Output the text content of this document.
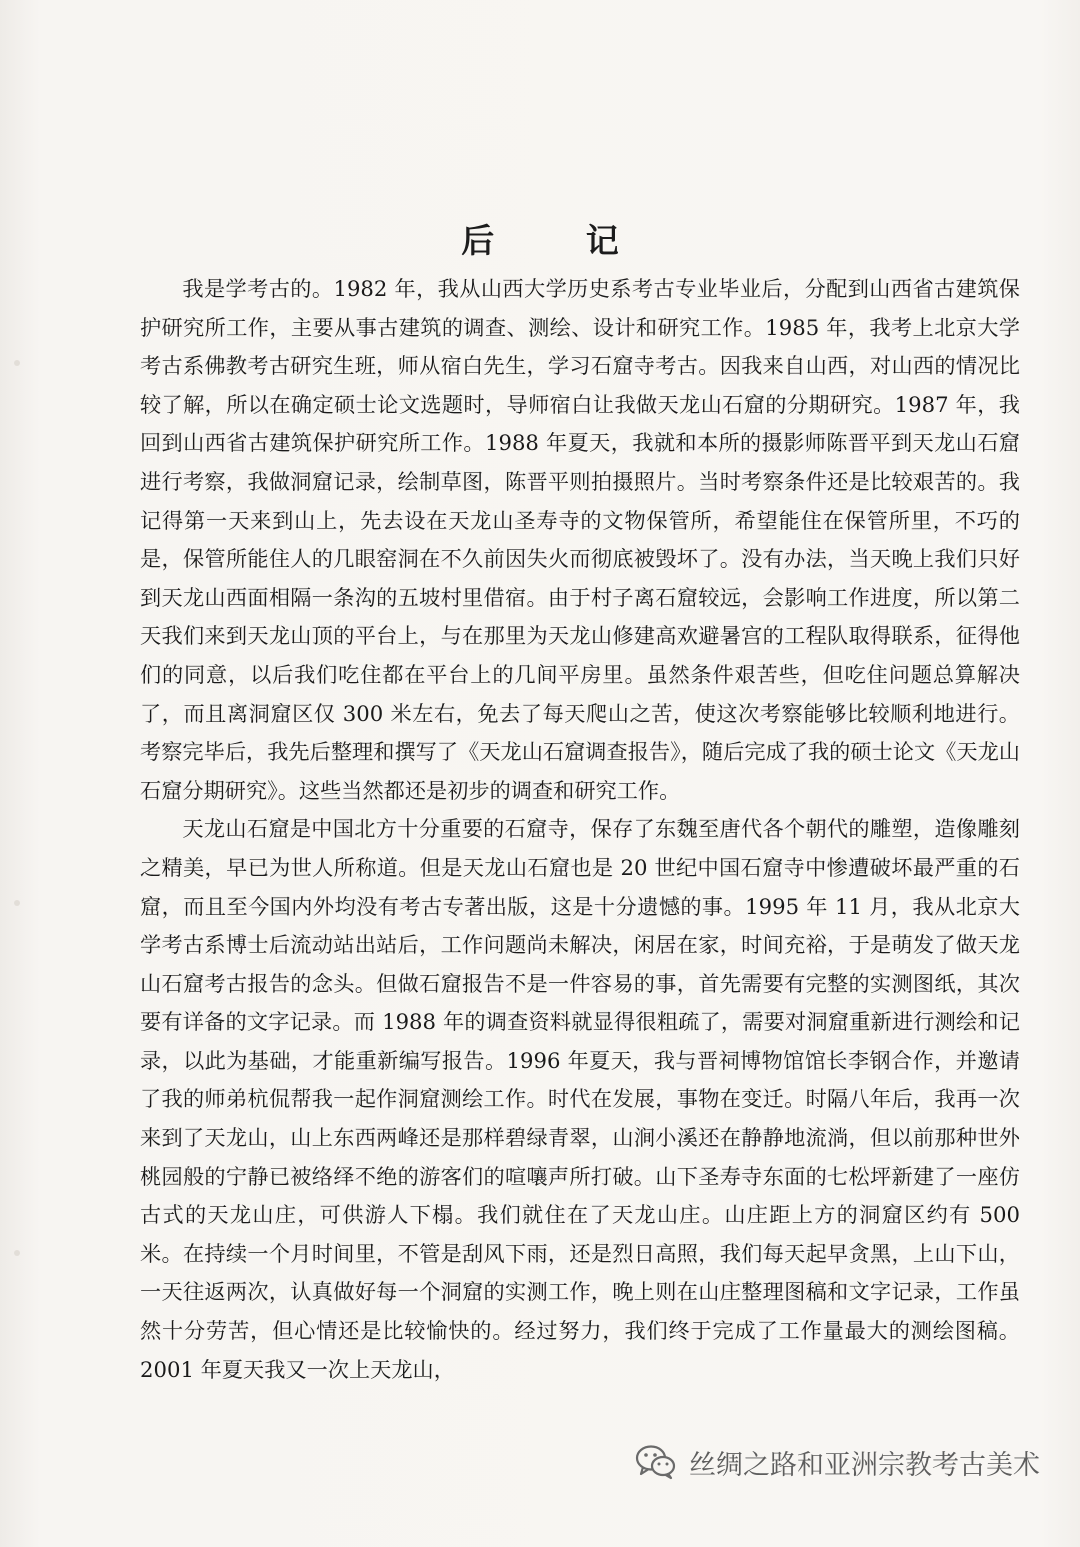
后 记

我是学考古的。1982 年，我从山西大学历史系考古专业毕业后，分配到山西省古建筑保护研究所工作，主要从事古建筑的调查、测绘、设计和研究工作。1985 年，我考上北京大学考古系佛教考古研究生班，师从宿白先生，学习石窟寺考古。因我来自山西，对山西的情况比较了解，所以在确定硕士论文选题时，导师宿白让我做天龙山石窟的分期研究。1987 年，我回到山西省古建筑保护研究所工作。1988 年夏天，我就和本所的摄影师陈晋平到天龙山石窟进行考察，我做洞窟记录，绘制草图，陈晋平则拍摄照片。当时考察条件还是比较艰苦的。我记得第一天来到山上，先去设在天龙山圣寿寺的文物保管所，希望能住在保管所里，不巧的是，保管所能住人的几眼窑洞在不久前因失火而彻底被毁坏了。没有办法，当天晚上我们只好到天龙山西面相隔一条沟的五坡村里借宿。由于村子离石窟较远，会影响工作进度，所以第二天我们来到天龙山顶的平台上，与在那里为天龙山修建高欢避暑宫的工程队取得联系，征得他们的同意，以后我们吃住都在平台上的几间平房里。虽然条件艰苦些，但吃住问题总算解决了，而且离洞窟区仅 300 米左右，免去了每天爬山之苦，使这次考察能够比较顺利地进行。考察完毕后，我先后整理和撰写了《天龙山石窟调查报告》，随后完成了我的硕士论文《天龙山石窟分期研究》。这些当然都还是初步的调查和研究工作。

天龙山石窟是中国北方十分重要的石窟寺，保存了东魏至唐代各个朝代的雕塑，造像雕刻之精美，早已为世人所称道。但是天龙山石窟也是 20 世纪中国石窟寺中惨遭破坏最严重的石窟，而且至今国内外均没有考古专著出版，这是十分遗憾的事。1995 年 11 月，我从北京大学考古系博士后流动站出站后，工作问题尚未解决，闲居在家，时间充裕，于是萌发了做天龙山石窟考古报告的念头。但做石窟报告不是一件容易的事，首先需要有完整的实测图纸，其次要有详备的文字记录。而 1988 年的调查资料就显得很粗疏了，需要对洞窟重新进行测绘和记录，以此为基础，才能重新编写报告。1996 年夏天，我与晋祠博物馆馆长李钢合作，并邀请了我的师弟杭侃帮我一起作洞窟测绘工作。时代在发展，事物在变迁。时隔八年后，我再一次来到了天龙山，山上东西两峰还是那样碧绿青翠，山涧小溪还在静静地流淌，但以前那种世外桃园般的宁静已被络绎不绝的游客们的喧嚷声所打破。山下圣寿寺东面的七松坪新建了一座仿古式的天龙山庄，可供游人下榻。我们就住在了天龙山庄。山庄距上方的洞窟区约有 500 米。在持续一个月时间里，不管是刮风下雨，还是烈日高照，我们每天起早贪黑，上山下山，一天往返两次，认真做好每一个洞窟的实测工作，晚上则在山庄整理图稿和文字记录，工作虽然十分劳苦，但心情还是比较愉快的。经过努力，我们终于完成了工作量最大的测绘图稿。2001 年夏天我又一次上天龙山，

丝绸之路和亚洲宗教考古美术
